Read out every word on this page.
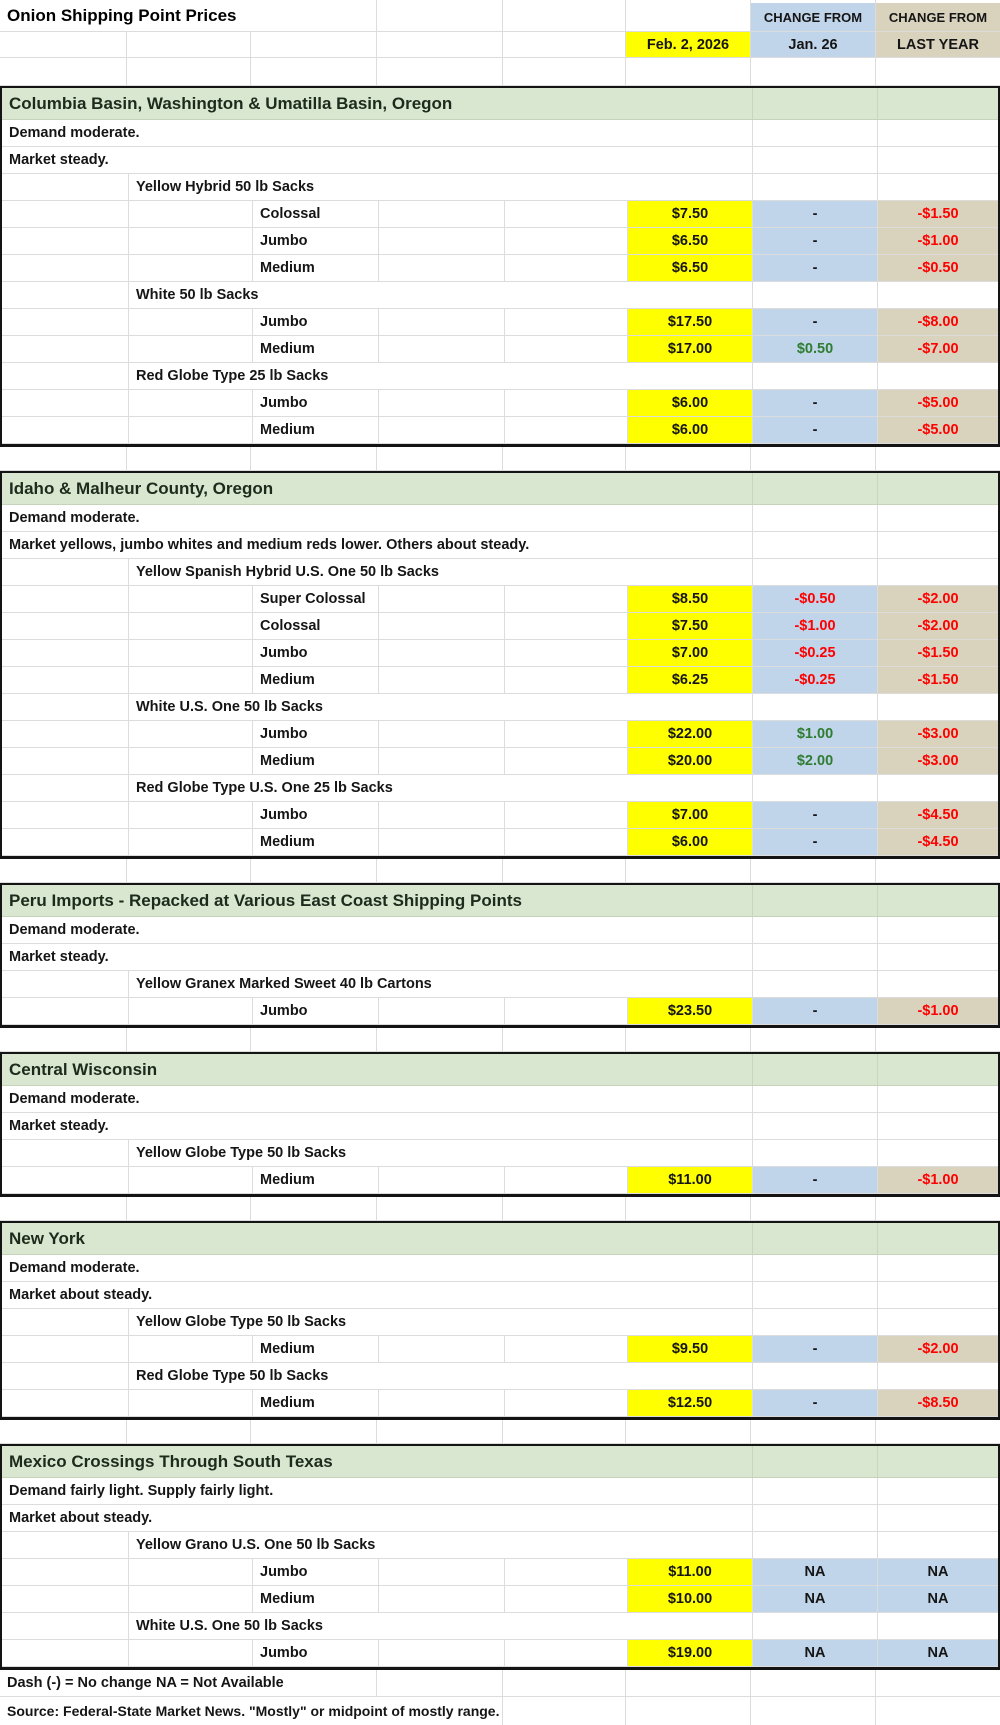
Onion Shipping Point Prices	CHANGE FROM CHANGE FROM
Feb. 2, 2026	Jan. 26	LAST YEAR
Columbia Basin, Washington & Umatilla Basin, Oregon
Demand moderate.
Market steady.
Yellow Hybrid 50 lb Sacks
Colossal	$7.50	-	-$1.50
Jumbo	$6.50	-	-$1.00
Medium	$6.50	-	-$0.50
White 50 lb Sacks
Jumbo	$17.50	-	-$8.00
Medium	$17.00	$0.50	-$7.00
Red Globe Type 25 lb Sacks
Jumbo	$6.00	-	-$5.00
Medium	$6.00	-	-$5.00
Idaho & Malheur County, Oregon
Demand moderate.
Market yellows, jumbo whites and medium reds lower. Others about steady.
Yellow Spanish Hybrid U.S. One 50 lb Sacks
Super Colossal	$8.50	-$0.50	-$2.00
Colossal	$7.50	-$1.00	-$2.00
Jumbo	$7.00	-$0.25	-$1.50
Medium	$6.25	-$0.25	-$1.50
White U.S. One 50 lb Sacks
Jumbo	$22.00	$1.00	-$3.00
Medium	$20.00	$2.00	-$3.00
Red Globe Type U.S. One 25 lb Sacks
Jumbo	$7.00	-	-$4.50
Medium	$6.00	-	-$4.50
Peru Imports - Repacked at Various East Coast Shipping Points
Demand moderate.
Market steady.
Yellow Granex Marked Sweet 40 lb Cartons
Jumbo	$23.50	-	-$1.00
Central Wisconsin
Demand moderate.
Market steady.
Yellow Globe Type 50 lb Sacks
Medium	$11.00	-	-$1.00
New York
Demand moderate.
Market about steady.
Yellow Globe Type 50 lb Sacks
Medium	$9.50	-	-$2.00
Red Globe Type 50 lb Sacks
Medium	$12.50	-	-$8.50
Mexico Crossings Through South Texas
Demand fairly light. Supply fairly light.
Market about steady.
Yellow Grano U.S. One 50 lb Sacks
Jumbo	$11.00	NA	NA
Medium	$10.00	NA	NA
White U.S. One 50 lb Sacks
Jumbo	$19.00	NA	NA
Dash (-) = No change NA = Not Available
Source: Federal-State Market News. "Mostly" or midpoint of mostly range.
